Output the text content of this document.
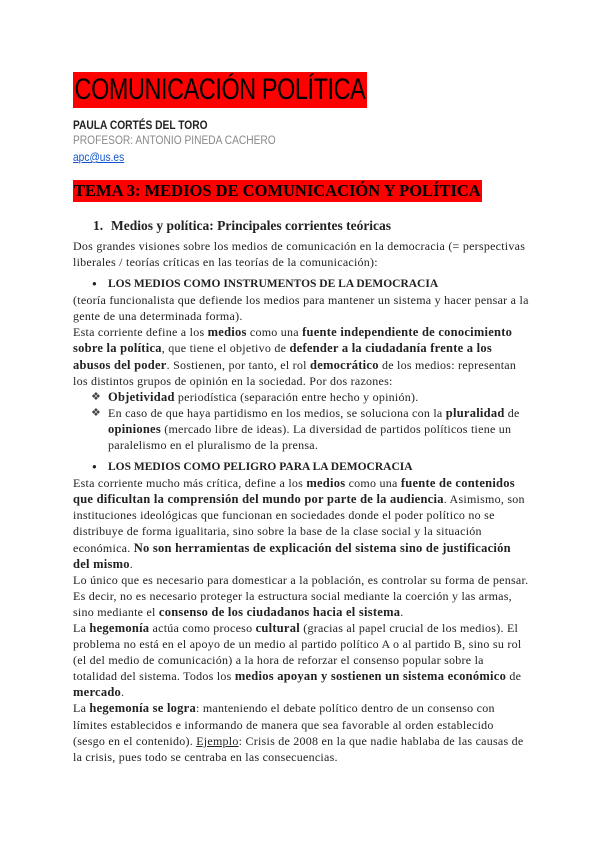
COMUNICACIÓN POLÍTICA
PAULA CORTÉS DEL TORO
PROFESOR: ANTONIO PINEDA CACHERO
apc@us.es
TEMA 3: MEDIOS DE COMUNICACIÓN Y POLÍTICA
1. Medios y política: Principales corrientes teóricas
Dos grandes visiones sobre los medios de comunicación en la democracia (= perspectivas liberales / teorías críticas en las teorías de la comunicación):
● LOS MEDIOS COMO INSTRUMENTOS DE LA DEMOCRACIA
(teoría funcionalista que defiende los medios para mantener un sistema y hacer pensar a la gente de una determinada forma).
Esta corriente define a los medios como una fuente independiente de conocimiento sobre la política, que tiene el objetivo de defender a la ciudadanía frente a los abusos del poder. Sostienen, por tanto, el rol democrático de los medios: representan los distintos grupos de opinión en la sociedad. Por dos razones:
❖ Objetividad periodística (separación entre hecho y opinión).
❖ En caso de que haya partidismo en los medios, se soluciona con la pluralidad de opiniones (mercado libre de ideas). La diversidad de partidos políticos tiene un paralelismo en el pluralismo de la prensa.
● LOS MEDIOS COMO PELIGRO PARA LA DEMOCRACIA
Esta corriente mucho más crítica, define a los medios como una fuente de contenidos que dificultan la comprensión del mundo por parte de la audiencia. Asimismo, son instituciones ideológicas que funcionan en sociedades donde el poder político no se distribuye de forma igualitaria, sino sobre la base de la clase social y la situación económica. No son herramientas de explicación del sistema sino de justificación del mismo.
Lo único que es necesario para domesticar a la población, es controlar su forma de pensar. Es decir, no es necesario proteger la estructura social mediante la coerción y las armas, sino mediante el consenso de los ciudadanos hacia el sistema.
La hegemonía actúa como proceso cultural (gracias al papel crucial de los medios). El problema no está en el apoyo de un medio al partido político A o al partido B, sino su rol (el del medio de comunicación) a la hora de reforzar el consenso popular sobre la totalidad del sistema. Todos los medios apoyan y sostienen un sistema económico de mercado.
La hegemonía se logra: manteniendo el debate político dentro de un consenso con límites establecidos e informando de manera que sea favorable al orden establecido (sesgo en el contenido). Ejemplo: Crisis de 2008 en la que nadie hablaba de las causas de la crisis, pues todo se centraba en las consecuencias.
